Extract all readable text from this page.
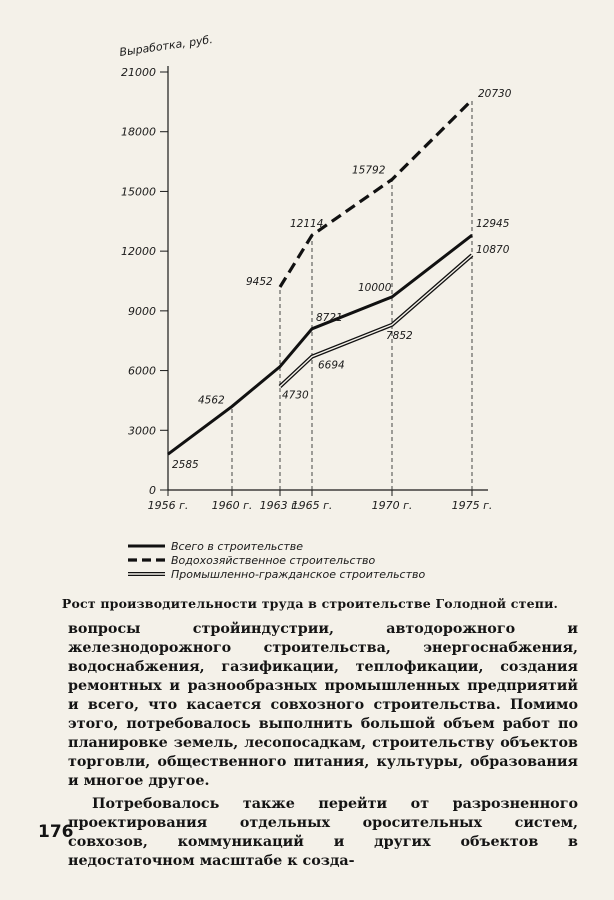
Выработка, руб.
0
3000
6000
9000
12000
15000
18000
21000
1956 г. 1960 г. 1963 г.
1965 г.	1970 г.	1975 г.
2585
4562
8721
10000
12945
9452
12114
15792
20730
4730
6694
7852
10870
Всего в строительстве
Водохозяйственное строительство
Промышленно-гражданское строительство
Рост производительности труда в строительстве Голодной степи.

вопросы стройиндустрии, автодорожного и железнодорожного строительства, энергоснабжения, водоснабжения, газификации, теплофикации, создания ремонтных и разнообразных промышленных предприятий и всего, что касается совхозного строительства. Помимо этого, потребовалось выполнить большой объем работ по планировке земель, лесопосадкам, строительству объектов торговли, общественного питания, культуры, образования и многое другое.

Потребовалось также перейти от разрозненного проектирования отдельных оросительных систем, совхозов, коммуникаций и других объектов в недостаточном масштабе к созда-

176
